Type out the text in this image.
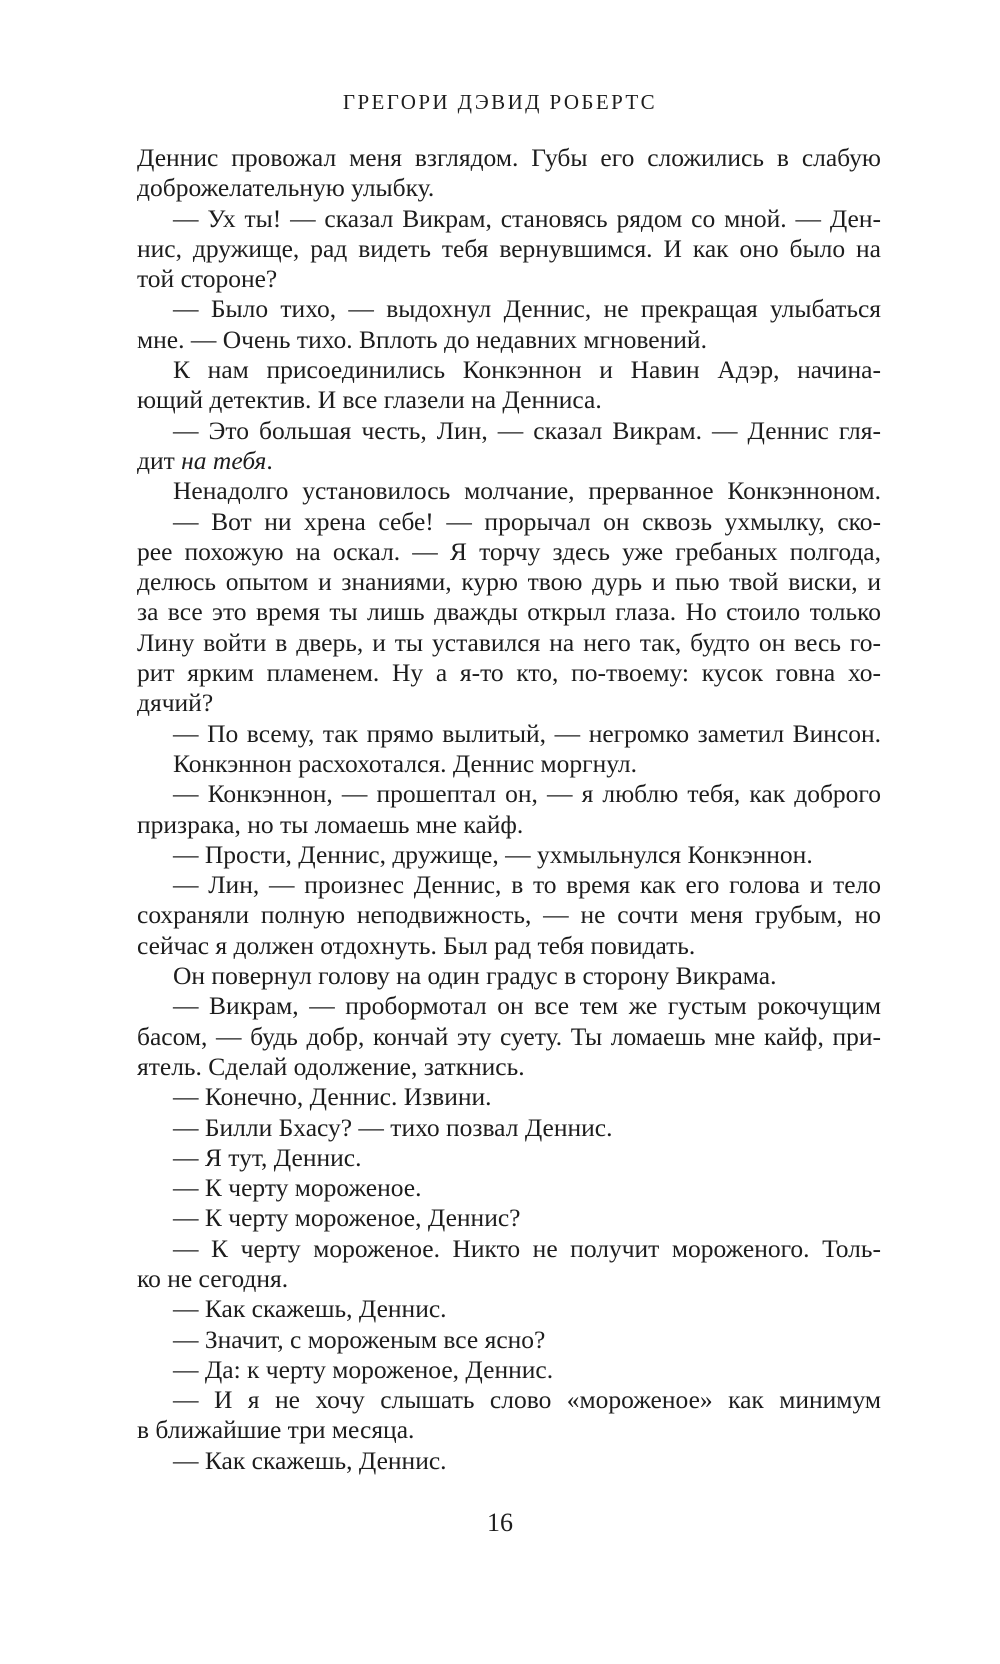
ГРЕГОРИ ДЭВИД РОБЕРТС
Деннис провожал меня взглядом. Губы его сложились в слабую
доброжелательную улыбку.
— Ух ты! — сказал Викрам, становясь рядом со мной. — Ден-
нис, дружище, рад видеть тебя вернувшимся. И как оно было на
той стороне?
— Было тихо, — выдохнул Деннис, не прекращая улыбаться
мне. — Очень тихо. Вплоть до недавних мгновений.
К нам присоединились Конкэннон и Навин Адэр, начина-
ющий детектив. И все глазели на Денниса.
— Это большая честь, Лин, — сказал Викрам. — Деннис гля-
дит на тебя.
Ненадолго установилось молчание, прерванное Конкэнноном.
— Вот ни хрена себе! — прорычал он сквозь ухмылку, ско-
рее похожую на оскал. — Я торчу здесь уже гребаных полгода,
делюсь опытом и знаниями, курю твою дурь и пью твой виски, и
за все это время ты лишь дважды открыл глаза. Но стоило только
Лину войти в дверь, и ты уставился на него так, будто он весь го-
рит ярким пламенем. Ну а я-то кто, по-твоему: кусок говна хо-
дячий?
— По всему, так прямо вылитый, — негромко заметил Винсон.
Конкэннон расхохотался. Деннис моргнул.
— Конкэннон, — прошептал он, — я люблю тебя, как доброго
призрака, но ты ломаешь мне кайф.
— Прости, Деннис, дружище, — ухмыльнулся Конкэннон.
— Лин, — произнес Деннис, в то время как его голова и тело
сохраняли полную неподвижность, — не сочти меня грубым, но
сейчас я должен отдохнуть. Был рад тебя повидать.
Он повернул голову на один градус в сторону Викрама.
— Викрам, — пробормотал он все тем же густым рокочущим
басом, — будь добр, кончай эту суету. Ты ломаешь мне кайф, при-
ятель. Сделай одолжение, заткнись.
— Конечно, Деннис. Извини.
— Билли Бхасу? — тихо позвал Деннис.
— Я тут, Деннис.
— К черту мороженое.
— К черту мороженое, Деннис?
— К черту мороженое. Никто не получит мороженого. Толь-
ко не сегодня.
— Как скажешь, Деннис.
— Значит, с мороженым все ясно?
— Да: к черту мороженое, Деннис.
— И я не хочу слышать слово «мороженое» как минимум
в ближайшие три месяца.
— Как скажешь, Деннис.
16
